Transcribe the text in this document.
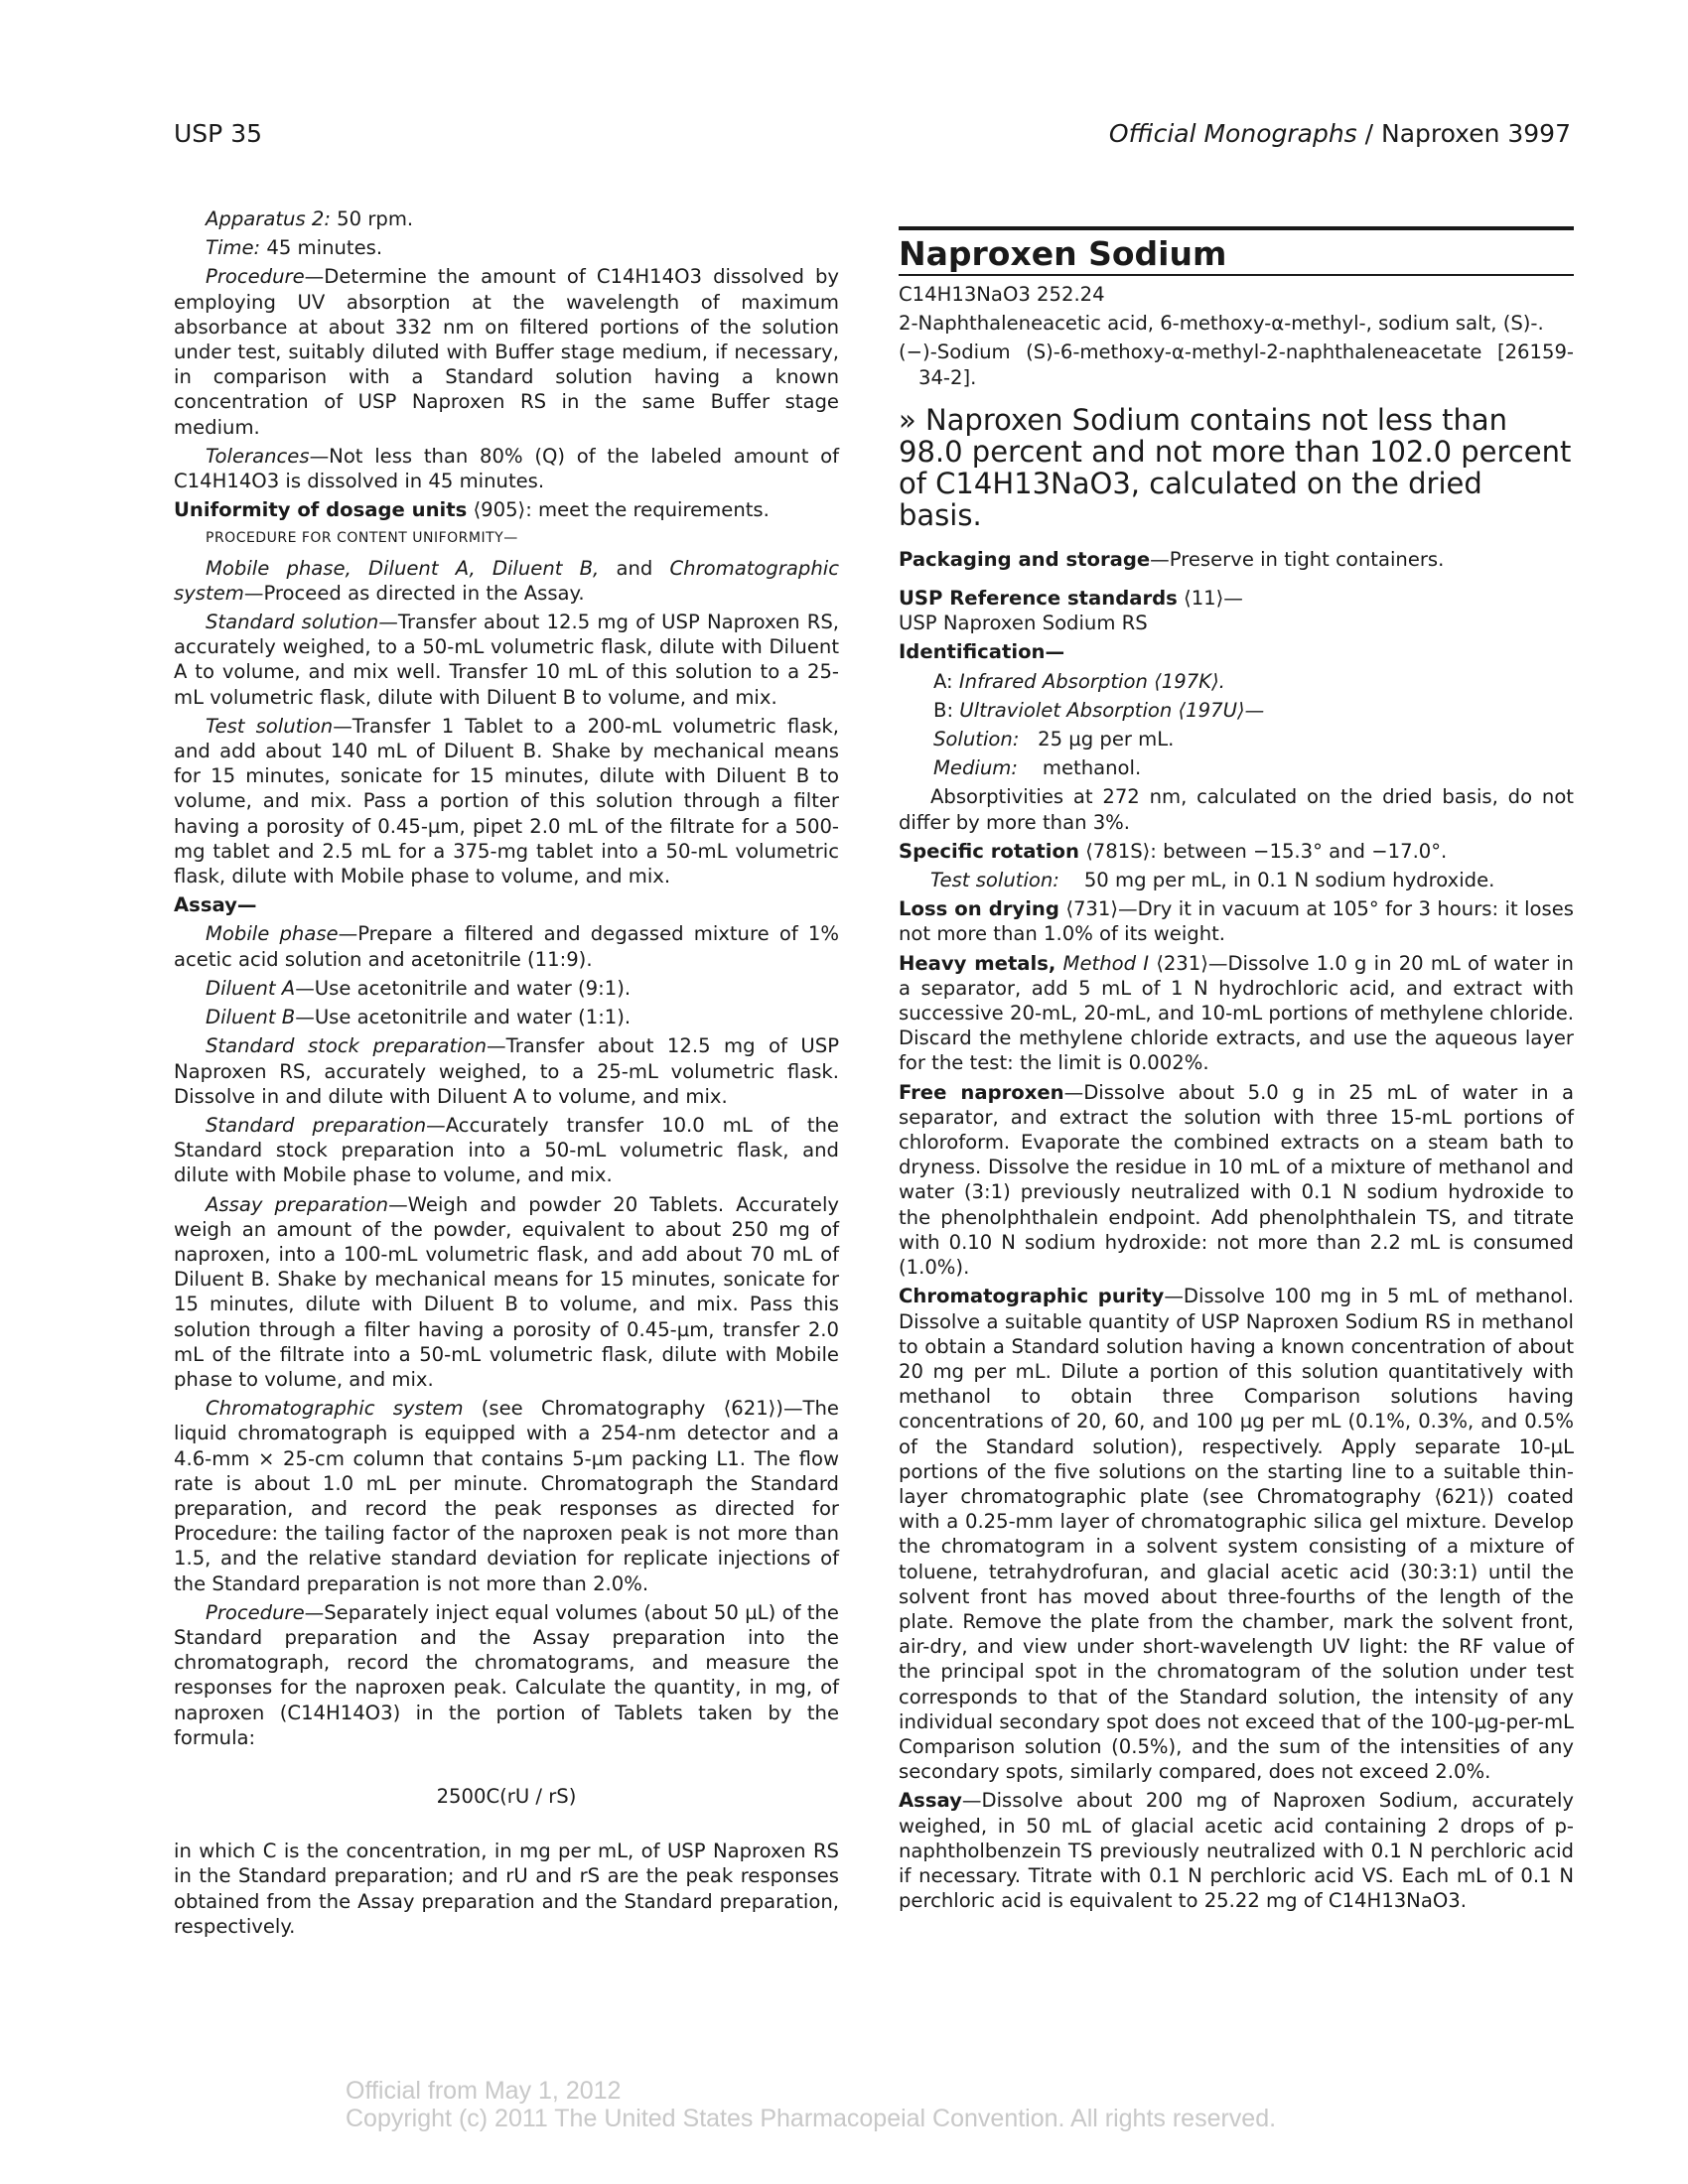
USP 35	Official Monographs / Naproxen 3997

Apparatus 2: 50 rpm.

Time: 45 minutes.

Procedure—Determine the amount of C14H14O3 dissolved by employing UV absorption at the wavelength of maximum absorbance at about 332 nm on filtered portions of the solution under test, suitably diluted with Buffer stage medium, if necessary, in comparison with a Standard solution having a known concentration of USP Naproxen RS in the same Buffer stage medium.

Tolerances—Not less than 80% (Q) of the labeled amount of C14H14O3 is dissolved in 45 minutes.

Uniformity of dosage units ⟨905⟩: meet the requirements.

PROCEDURE FOR CONTENT UNIFORMITY—

Mobile phase, Diluent A, Diluent B, and Chromatographic system—Proceed as directed in the Assay.

Standard solution—Transfer about 12.5 mg of USP Naproxen RS, accurately weighed, to a 50-mL volumetric flask, dilute with Diluent A to volume, and mix well. Transfer 10 mL of this solution to a 25-mL volumetric flask, dilute with Diluent B to volume, and mix.

Test solution—Transfer 1 Tablet to a 200-mL volumetric flask, and add about 140 mL of Diluent B. Shake by mechanical means for 15 minutes, sonicate for 15 minutes, dilute with Diluent B to volume, and mix. Pass a portion of this solution through a filter having a porosity of 0.45-µm, pipet 2.0 mL of the filtrate for a 500-mg tablet and 2.5 mL for a 375-mg tablet into a 50-mL volumetric flask, dilute with Mobile phase to volume, and mix.

Assay—

Mobile phase—Prepare a filtered and degassed mixture of 1% acetic acid solution and acetonitrile (11:9).

Diluent A—Use acetonitrile and water (9:1).

Diluent B—Use acetonitrile and water (1:1).

Standard stock preparation—Transfer about 12.5 mg of USP Naproxen RS, accurately weighed, to a 25-mL volumetric flask. Dissolve in and dilute with Diluent A to volume, and mix.

Standard preparation—Accurately transfer 10.0 mL of the Standard stock preparation into a 50-mL volumetric flask, and dilute with Mobile phase to volume, and mix.

Assay preparation—Weigh and powder 20 Tablets. Accurately weigh an amount of the powder, equivalent to about 250 mg of naproxen, into a 100-mL volumetric flask, and add about 70 mL of Diluent B. Shake by mechanical means for 15 minutes, sonicate for 15 minutes, dilute with Diluent B to volume, and mix. Pass this solution through a filter having a porosity of 0.45-µm, transfer 2.0 mL of the filtrate into a 50-mL volumetric flask, dilute with Mobile phase to volume, and mix.

Chromatographic system (see Chromatography ⟨621⟩)—The liquid chromatograph is equipped with a 254-nm detector and a 4.6-mm × 25-cm column that contains 5-µm packing L1. The flow rate is about 1.0 mL per minute. Chromatograph the Standard preparation, and record the peak responses as directed for Procedure: the tailing factor of the naproxen peak is not more than 1.5, and the relative standard deviation for replicate injections of the Standard preparation is not more than 2.0%.

Procedure—Separately inject equal volumes (about 50 µL) of the Standard preparation and the Assay preparation into the chromatograph, record the chromatograms, and measure the responses for the naproxen peak. Calculate the quantity, in mg, of naproxen (C14H14O3) in the portion of Tablets taken by the formula:

2500C(rU / rS)

in which C is the concentration, in mg per mL, of USP Naproxen RS in the Standard preparation; and rU and rS are the peak responses obtained from the Assay preparation and the Standard preparation, respectively.

Naproxen Sodium

C14H13NaO3 252.24

2-Naphthaleneacetic acid, 6-methoxy-α-methyl-, sodium salt, (S)-.

(−)-Sodium (S)-6-methoxy-α-methyl-2-naphthaleneacetate [26159-34-2].

» Naproxen Sodium contains not less than 98.0 percent and not more than 102.0 percent of C14H13NaO3, calculated on the dried basis.

Packaging and storage—Preserve in tight containers.

USP Reference standards ⟨11⟩—

USP Naproxen Sodium RS

Identification—

A: Infrared Absorption ⟨197K⟩.

B: Ultraviolet Absorption ⟨197U⟩—

Solution: 25 µg per mL.

Medium: methanol.

Absorptivities at 272 nm, calculated on the dried basis, do not differ by more than 3%.

Specific rotation ⟨781S⟩: between −15.3° and −17.0°.

Test solution: 50 mg per mL, in 0.1 N sodium hydroxide.

Loss on drying ⟨731⟩—Dry it in vacuum at 105° for 3 hours: it loses not more than 1.0% of its weight.

Heavy metals, Method I ⟨231⟩—Dissolve 1.0 g in 20 mL of water in a separator, add 5 mL of 1 N hydrochloric acid, and extract with successive 20-mL, 20-mL, and 10-mL portions of methylene chloride. Discard the methylene chloride extracts, and use the aqueous layer for the test: the limit is 0.002%.

Free naproxen—Dissolve about 5.0 g in 25 mL of water in a separator, and extract the solution with three 15-mL portions of chloroform. Evaporate the combined extracts on a steam bath to dryness. Dissolve the residue in 10 mL of a mixture of methanol and water (3:1) previously neutralized with 0.1 N sodium hydroxide to the phenolphthalein endpoint. Add phenolphthalein TS, and titrate with 0.10 N sodium hydroxide: not more than 2.2 mL is consumed (1.0%).

Chromatographic purity—Dissolve 100 mg in 5 mL of methanol. Dissolve a suitable quantity of USP Naproxen Sodium RS in methanol to obtain a Standard solution having a known concentration of about 20 mg per mL. Dilute a portion of this solution quantitatively with methanol to obtain three Comparison solutions having concentrations of 20, 60, and 100 µg per mL (0.1%, 0.3%, and 0.5% of the Standard solution), respectively. Apply separate 10-µL portions of the five solutions on the starting line to a suitable thin-layer chromatographic plate (see Chromatography ⟨621⟩) coated with a 0.25-mm layer of chromatographic silica gel mixture. Develop the chromatogram in a solvent system consisting of a mixture of toluene, tetrahydrofuran, and glacial acetic acid (30:3:1) until the solvent front has moved about three-fourths of the length of the plate. Remove the plate from the chamber, mark the solvent front, air-dry, and view under short-wavelength UV light: the RF value of the principal spot in the chromatogram of the solution under test corresponds to that of the Standard solution, the intensity of any individual secondary spot does not exceed that of the 100-µg-per-mL Comparison solution (0.5%), and the sum of the intensities of any secondary spots, similarly compared, does not exceed 2.0%.

Assay—Dissolve about 200 mg of Naproxen Sodium, accurately weighed, in 50 mL of glacial acetic acid containing 2 drops of p-naphtholbenzein TS previously neutralized with 0.1 N perchloric acid if necessary. Titrate with 0.1 N perchloric acid VS. Each mL of 0.1 N perchloric acid is equivalent to 25.22 mg of C14H13NaO3.

Official from May 1, 2012
Copyright (c) 2011 The United States Pharmacopeial Convention. All rights reserved.
